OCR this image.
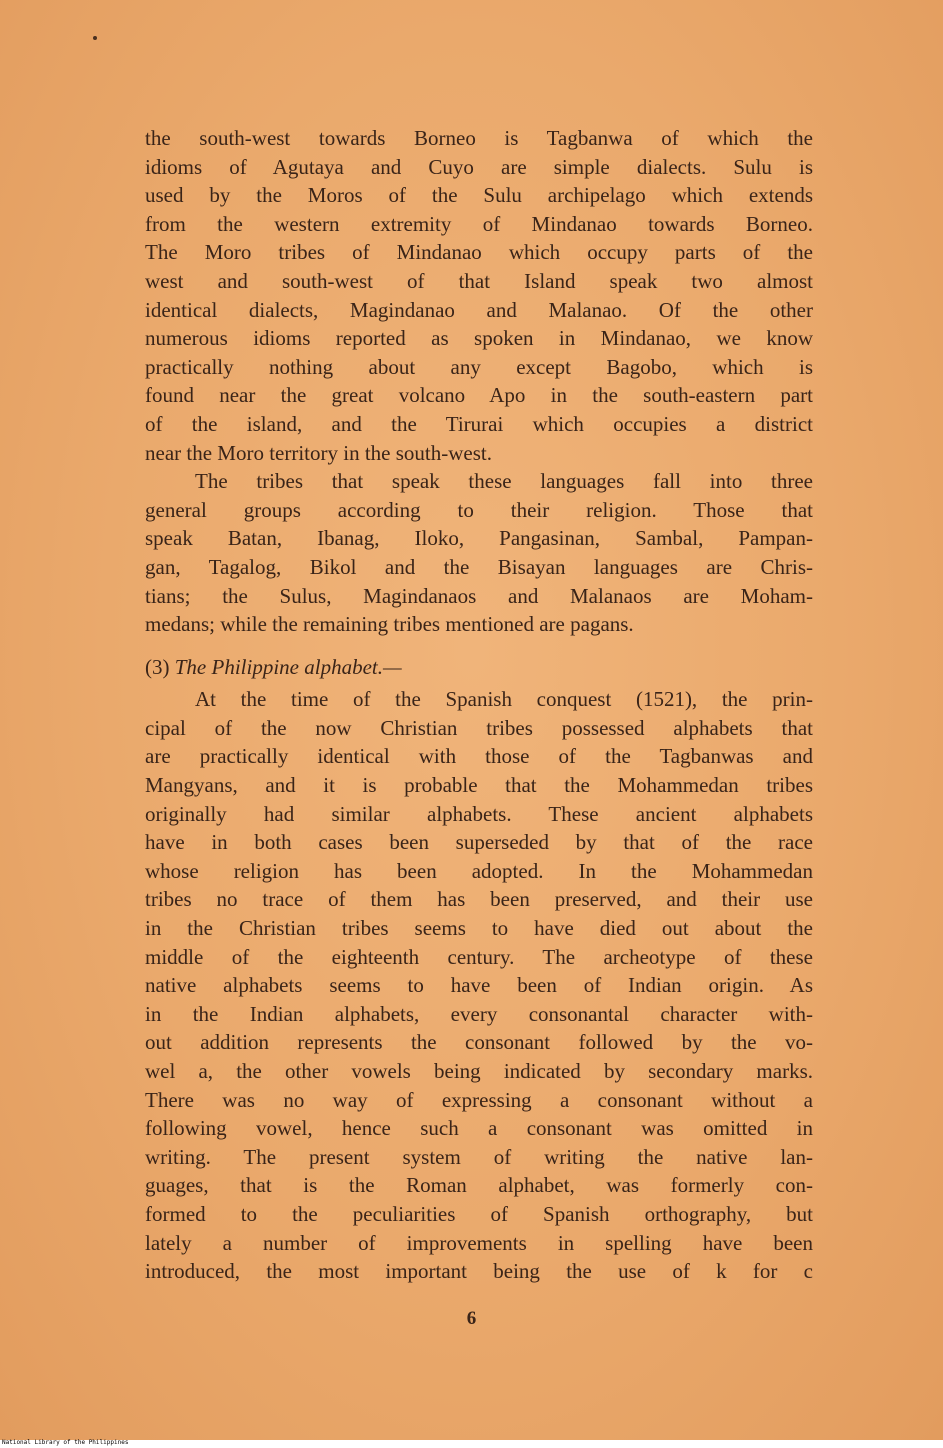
the south-west towards Borneo is Tagbanwa of which the
idioms of Agutaya and Cuyo are simple dialects. Sulu is
used by the Moros of the Sulu archipelago which extends
from the western extremity of Mindanao towards Borneo.
The Moro tribes of Mindanao which occupy parts of the
west and south-west of that Island speak two almost
identical dialects, Magindanao and Malanao. Of the other
numerous idioms reported as spoken in Mindanao, we know
practically nothing about any except Bagobo, which is
found near the great volcano Apo in the south-eastern part
of the island, and the Tirurai which occupies a district
near the Moro territory in the south-west.
The tribes that speak these languages fall into three
general groups according to their religion. Those that
speak Batan, Ibanag, Iloko, Pangasinan, Sambal, Pampan-
gan, Tagalog, Bikol and the Bisayan languages are Chris-
tians; the Sulus, Magindanaos and Malanaos are Moham-
medans; while the remaining tribes mentioned are pagans.
(3) The Philippine alphabet.—
At the time of the Spanish conquest (1521), the prin-
cipal of the now Christian tribes possessed alphabets that
are practically identical with those of the Tagbanwas and
Mangyans, and it is probable that the Mohammedan tribes
originally had similar alphabets. These ancient alphabets
have in both cases been superseded by that of the race
whose religion has been adopted. In the Mohammedan
tribes no trace of them has been preserved, and their use
in the Christian tribes seems to have died out about the
middle of the eighteenth century. The archeotype of these
native alphabets seems to have been of Indian origin. As
in the Indian alphabets, every consonantal character with-
out addition represents the consonant followed by the vo-
wel a, the other vowels being indicated by secondary marks.
There was no way of expressing a consonant without a
following vowel, hence such a consonant was omitted in
writing. The present system of writing the native lan-
guages, that is the Roman alphabet, was formerly con-
formed to the peculiarities of Spanish orthography, but
lately a number of improvements in spelling have been
introduced, the most important being the use of k for c
6
National Library of the Philippines
